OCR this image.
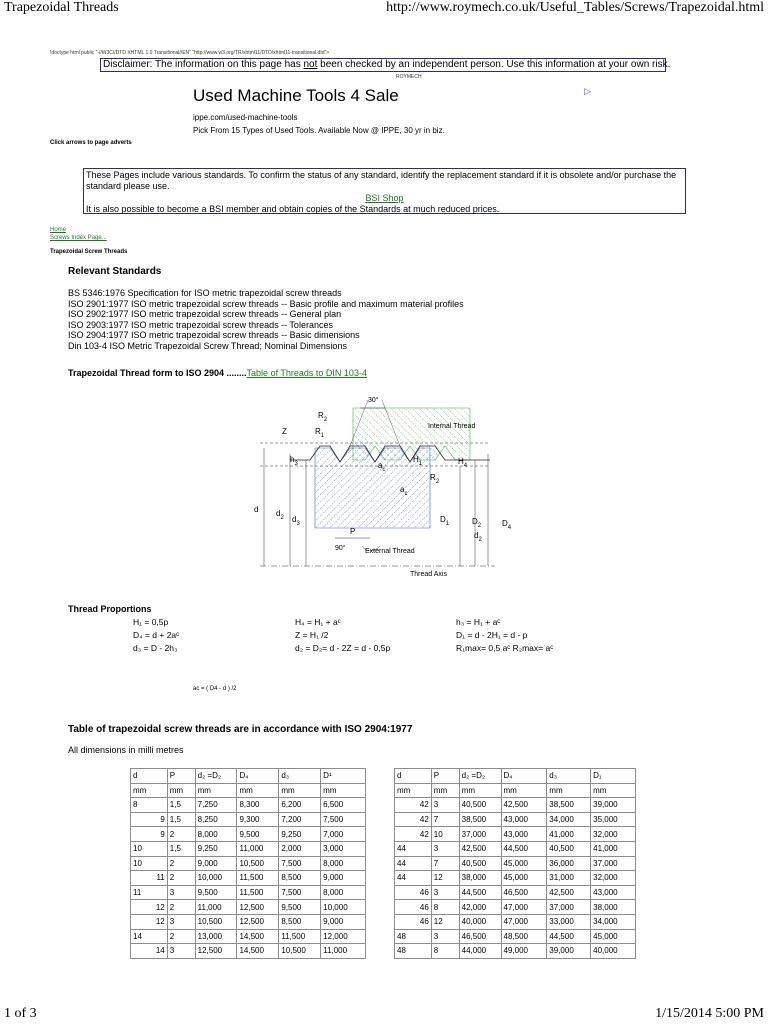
Trapezoidal Threads	http://www.roymech.co.uk/Useful_Tables/Screws/Trapezoidal.html
1 of 3	1/15/2014 5:00 PM
!doctype html public "-//W3C//DTD XHTML 1.0 Transitional//EN" "http://www.w3.org/TR/xhtml11/DTD/xhtml11-transitional.dtd">
Disclaimer: The information on this page has not been checked by an independent person. Use this information at your own risk.
ROYMECH
Used Machine Tools 4 Sale	▷
ippe.com/used-machine-tools
Pick From 15 Types of Used Tools. Available Now @ IPPE, 30 yr in biz.
Click arrows to page adverts
These Pages include various standards. To confirm the status of any standard, identify the replacement standard if it is obsolete and/or purchase the standard please use.
BSI Shop
It is also possible to become a BSI member and obtain copies of the Standards at much reduced prices.
Home
Screws Index Page...
Trapezoidal Screw Threads
Relevant Standards
BS 5346:1976 Specification for ISO metric trapezoidal screw threads
ISO 2901:1977 ISO metric trapezoidal screw threads -- Basic profile and maximum material profiles
ISO 2902:1977 ISO metric trapezoidal screw threads -- General plan
ISO 2903:1977 ISO metric trapezoidal screw threads -- Tolerances
ISO 2904:1977 ISO metric trapezoidal screw threads -- Basic dimensions
Din 103-4 ISO Metric Trapezoidal Screw Thread; Nominal Dimensions
Trapezoidal Thread form to ISO 2904 ........Table of Threads to DIN 103-4
30°
Internal Thread
External Thread
Thread Axis
90°
$R_2$
$R_1$
Z
$h_3$	$a_c$
$H_1$	$H_4$
$R_2$
$a_c$
d $d_2$ $d_3$
P
$D_1$	$D_2$	$D_4$
$d_2$
Thread Proportions
H₁ = 0,5p
D₄ = d + 2aᶜ
d₃ = D - 2h₃
H₄ = H₁ + aᶜ
Z = H₁ /2
d₂ = D₂= d - 2Z = d - 0,5p
h₃ = H₁ + aᶜ
D₁ = d - 2H₁ = d - p
R₁max= 0,5 aᶜ R₂max= aᶜ
ac = ( D4 - d ) /2
Table of trapezoidal screw threads are in accordance with ISO 2904:1977
All dimensions in milli metres
d	P	d₂ =D₂	D₄	d₃	D¹
mm	mm	mm	mm	mm	mm
8	1,5	7,250	8,300	6,200	6,500
9	1,5	8,250	9,300	7,200	7,500
9	2	8,000	9,500	9,250	7,000
10	1,5	9,250	11,000	2,000	3,000
10	2	9,000	10,500	7,500	8,000
11	2	10,000	11,500	8,500	9,000
11	3	9,500	11,500	7,500	8,000
12	2	11,000	12,500	9,500	10,000
12	3	10,500	12,500	8,500	9,000
14	2	13,000	14,500	11,500	12,000
14	3	12,500	14,500	10,500	11,000
d	P	d₂ =D₂	D₄	d₃	D₁
mm	mm	mm	mm	mm	mm
42	3	40,500	42,500	38,500	39,000
42	7	38,500	43,000	34,000	35,000
42	10	37,000	43,000	41,000	32,000
44	3	42,500	44,500	40,500	41,000
44	7	40,500	45,000	36,000	37,000
44	12	38,000	45,000	31,000	32,000
46	3	44,500	46,500	42,500	43,000
46	8	42,000	47,000	37,000	38,000
46	12	40,000	47,000	33,000	34,000
48	3	46,500	48,500	44,500	45,000
48	8	44,000	49,000	39,000	40,000
